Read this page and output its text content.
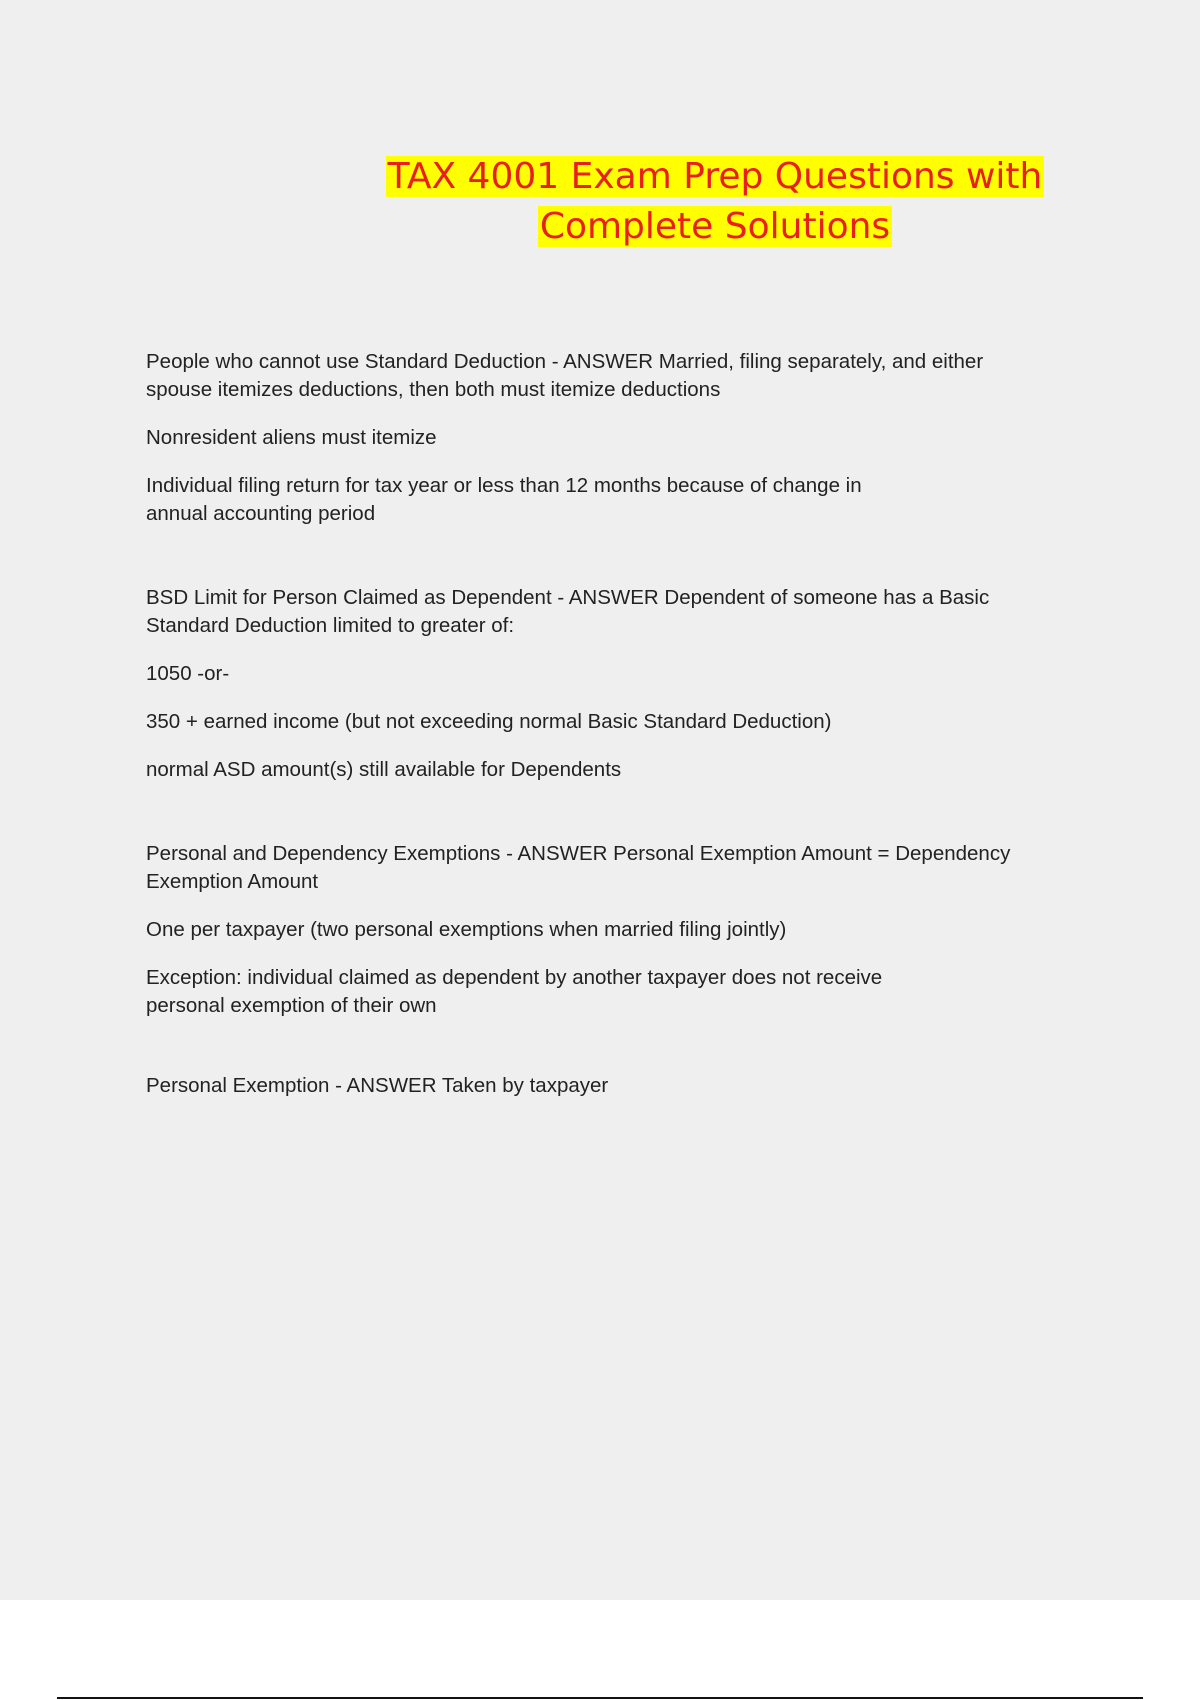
TAX 4001 Exam Prep Questions with
Complete Solutions

People who cannot use Standard Deduction - ANSWER Married, filing separately, and either spouse itemizes deductions, then both must itemize deductions

Nonresident aliens must itemize

Individual filing return for tax year or less than 12 months because of change in annual accounting period

BSD Limit for Person Claimed as Dependent - ANSWER Dependent of someone has a Basic Standard Deduction limited to greater of:

1050 -or-

350 + earned income (but not exceeding normal Basic Standard Deduction)

normal ASD amount(s) still available for Dependents

Personal and Dependency Exemptions - ANSWER Personal Exemption Amount = Dependency Exemption Amount

One per taxpayer (two personal exemptions when married filing jointly)

Exception: individual claimed as dependent by another taxpayer does not receive personal exemption of their own

Personal Exemption - ANSWER Taken by taxpayer
